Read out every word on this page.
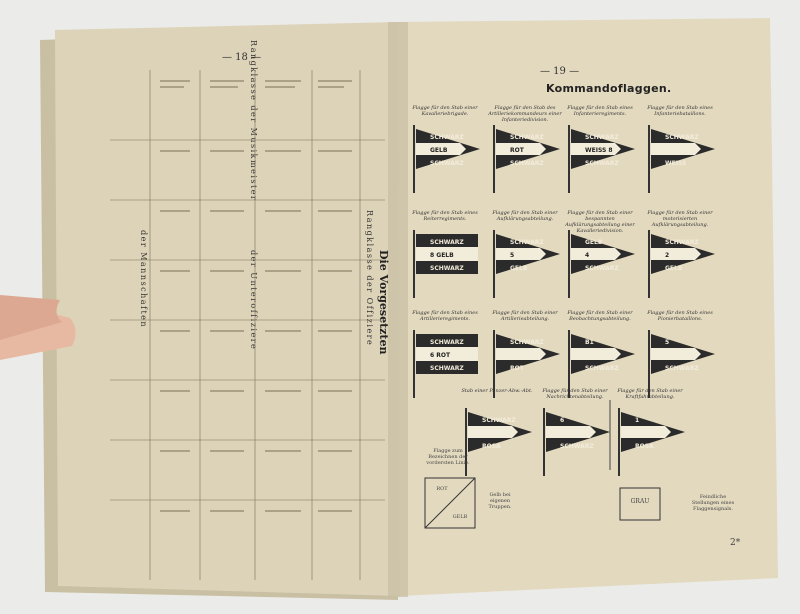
— 18 —
Die Vorgesetzten
Rangklasse der Offiziere
der Unteroffiziere
der Mannschaften
Rangklasse der Musikmeister	— 19 —
Kommandoflaggen.
Flagge für den Stab einer Kavalleriebrigade.
SCHWARZ
GELB
SCHWARZ
Flagge für den Stab des Artilleriekommandeurs einer Infanteriedivision.
SCHWARZ
ROT
SCHWARZ
Flagge für den Stab eines Infanterieregiments.
SCHWARZ
WEISS 8
SCHWARZ
Flagge für den Stab eines Infanteriebataillons.
SCHWARZ
WEISS
Flagge für den Stab eines Reiterregiments.
SCHWARZ
8 GELB
SCHWARZ
Flagge für den Stab einer Aufklärungsabteilung.
SCHWARZ
5
GELB
Flagge für den Stab einer bespannten Aufklärungsabteilung einer Kavalleriedivision.
GELB
4
SCHWARZ
Flagge für den Stab einer motorisierten Aufklärungsabteilung.
SCHWARZ
2
GELB
Flagge für den Stab eines Artillerieregiments.
SCHWARZ
6 ROT
SCHWARZ
Flagge für den Stab einer Artillerieabteilung.
SCHWARZ
ROT
Flagge für den Stab einer Beobachtungsabteilung.
B1
SCHWARZ
Flagge für den Stab eines Pionierbataillons.
5
SCHWARZ
Stab einer Panzer-Abw.-Abt.
SCHWARZ
ROSA
Flagge für den Stab einer Nachrichtenabteilung.
6
SCHWARZ
Flagge für den Stab einer Kraftfahrabteilung.
1
ROSA
ROT
GELB
Gelb bei eigenen Truppen.
GRAU
Feindliche Stellungen eines Flaggensignals.
Flagge zum Bezeichnen der vordersten Linie.
2*
